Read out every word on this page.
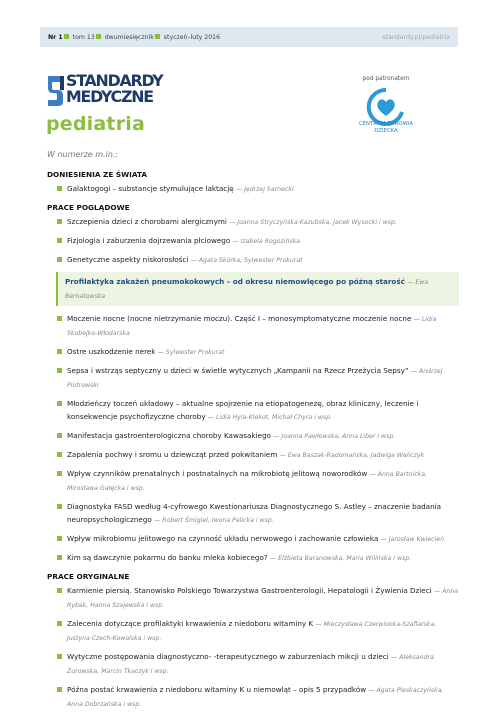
Nr 1 tom 13 dwumiesięcznik styczeń–luty 2016	standardy.pl/pediatria
STANDARDY
MEDYCZNE
pediatria
pod patronatem
CENTRUM ZDROWIA DZIECKA
W numerze m.in.:
DONIESIENIA ZE ŚWIATA
Galaktogogi – substancje stymulujące laktację — Jędrzej Sarnecki
PRACE POGLĄDOWE
Szczepienia dzieci z chorobami alergicznymi — Joanna Stryczyńska-Kazubska, Jacek Wysocki i wsp.
Fizjologia i zaburzenia dojrzewania płciowego — Izabela Rogozińska
Genetyczne aspekty niskorosłości — Agata Skórka, Sylwester Prokurat
Profilaktyka zakażeń pneumokokowych – od okresu niemowlęcego po późną starość — Ewa Bernatowska
Moczenie nocne (nocne nietrzymanie moczu). Część I – monosymptomatyczne moczenie nocne — Lidia Skobejko-Włodarska
Ostre uszkodzenie nerek — Sylwester Prokurat
Sepsa i wstrząs septyczny u dzieci w świetle wytycznych „Kampanii na Rzecz Przeżycia Sepsy” — Andrzej Piotrowski
Młodzieńczy toczeń układowy – aktualne spojrzenie na etiopatogenezę, obraz kliniczny, leczenie i konsekwencje psychofizyczne choroby — Lidia Hyla-Klekot, Michał Chyra i wsp.
Manifestacja gastroenterologiczna choroby Kawasakiego — Joanna Pawłowska, Anna Liber i wsp.
Zapalenia pochwy i sromu u dziewcząt przed pokwitaniem — Ewa Baszak-Radomańska, Jadwiga Wańczyk
Wpływ czynników prenatalnych i postnatalnych na mikrobiotę jelitową noworodków — Anna Bartnicka, Mirosława Gałęcka i wsp.
Diagnostyka FASD według 4-cyfrowego Kwestionariusza Diagnostycznego S. Astley – znaczenie badania neuropsychologicznego — Robert Śmigiel, Iwona Palicka i wsp.
Wpływ mikrobiomu jelitowego na czynność układu nerwowego i zachowanie człowieka — Jarosław Kwiecień
Kim są dawczynie pokarmu do banku mleka kobiecego? — Elżbieta Baranowska, Maria Wilińska i wsp.
PRACE ORYGINALNE
Karmienie piersią. Stanowisko Polskiego Towarzystwa Gastroenterologii, Hepatologii i Żywienia Dzieci — Anna Rybak, Hanna Szajewska i wsp.
Zalecenia dotyczące profilaktyki krwawienia z niedoboru witaminy K — Mieczysława Czerwionka-Szaflarska, Justyna Czech-Kowalska i wsp.
Wytyczne postępowania diagnostyczno- -terapeutycznego w zaburzeniach mikcji u dzieci — Aleksandra Żurowska, Marcin Tkaczyk i wsp.
Późna postać krwawienia z niedoboru witaminy K u niemowląt – opis 5 przypadków — Agata Pleskaczyńska, Anna Dobrzańska i wsp.
